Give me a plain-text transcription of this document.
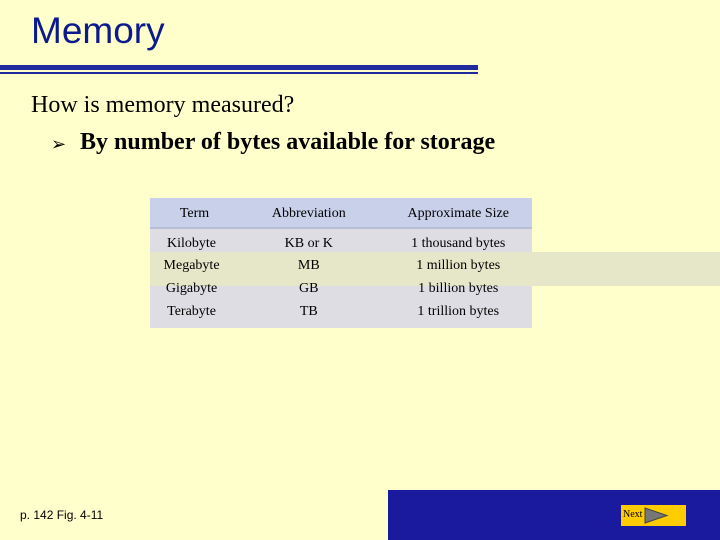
Memory
How is memory measured?
➢ By number of bytes available for storage
Term	Abbreviation	Approximate Size
Kilobyte	KB or K	1 thousand bytes
Megabyte	MB	1 million bytes
Gigabyte	GB	1 billion bytes
Terabyte	TB	1 trillion bytes
p. 142 Fig. 4-11	Next
